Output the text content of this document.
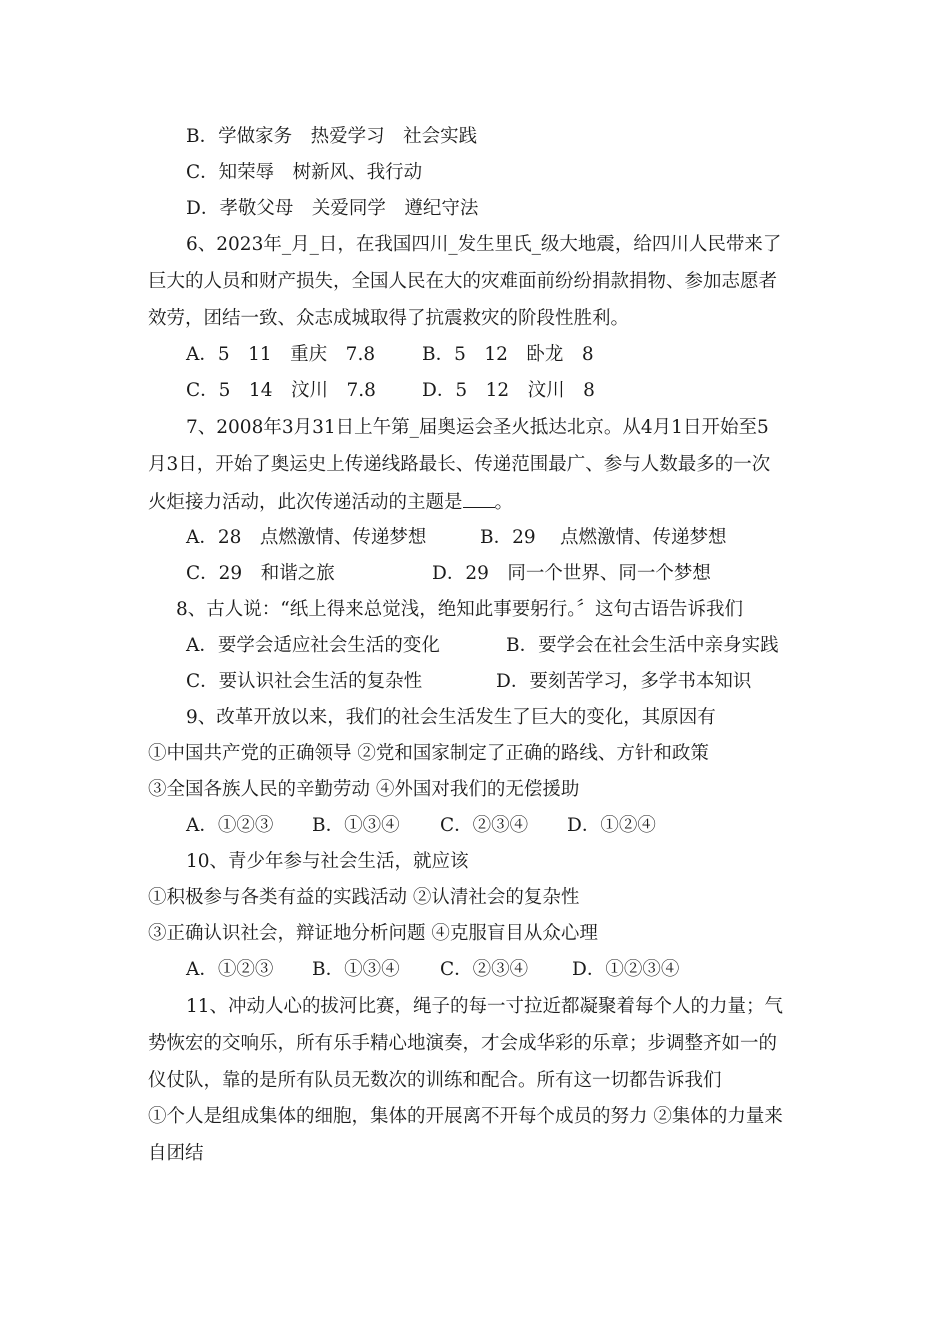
B．学做家务　热爱学习　社会实践
C．知荣辱　树新风、我行动
D．孝敬父母　关爱同学　遵纪守法
6、2023年_月_日，在我国四川_发生里氏_级大地震，给四川人民带来了
巨大的人员和财产损失，全国人民在大的灾难面前纷纷捐款捐物、参加志愿者
效劳，团结一致、众志成城取得了抗震救灾的阶段性胜利。
A．5　11　重庆　7.8	B．5　12　卧龙　8
C．5　14　汶川　7.8 D．5　12　汶川　8
7、2008年3月31日上午第_届奥运会圣火抵达北京。从4月1日开始至5
月3日，开始了奥运史上传递线路最长、传递范围最广、参与人数最多的一次
火炬接力活动，此次传递活动的主题是 。
A．28　点燃激情、传递梦想	B．29　 点燃激情、传递梦想
C．29　和谐之旅	D．29　同一个世界、同一个梦想
8、古人说：“纸上得来总觉浅，绝知此事要躬行。〞这句古语告诉我们
A．要学会适应社会生活的变化	B．要学会在社会生活中亲身实践
C．要认识社会生活的复杂性	D．要刻苦学习，多学书本知识
9、改革开放以来，我们的社会生活发生了巨大的变化，其原因有
①中国共产党的正确领导 ②党和国家制定了正确的路线、方针和政策
③全国各族人民的辛勤劳动 ④外国对我们的无偿援助
A．①②③ B．①③④ C．②③④ D．①②④
10、青少年参与社会生活，就应该
①积极参与各类有益的实践活动 ②认清社会的复杂性
③正确认识社会，辩证地分析问题 ④克服盲目从众心理
A．①②③ B．①③④ C．②③④ D．①②③④
11、冲动人心的拔河比赛，绳子的每一寸拉近都凝聚着每个人的力量；气
势恢宏的交响乐，所有乐手精心地演奏，才会成华彩的乐章；步调整齐如一的
仪仗队，靠的是所有队员无数次的训练和配合。所有这一切都告诉我们
①个人是组成集体的细胞，集体的开展离不开每个成员的努力 ②集体的力量来
自团结
